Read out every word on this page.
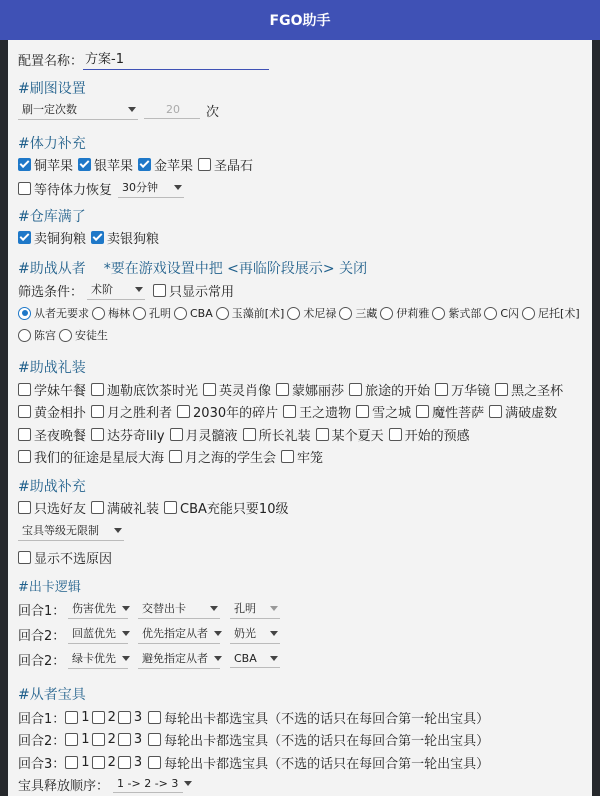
FGO助手
配置名称： 方案-1
#刷图设置
刷一定次数	20	次
#体力补充
铜苹果 银苹果 金苹果 圣晶石
等待体力恢复 30分钟
#仓库满了
卖铜狗粮 卖银狗粮
#助战从者 *要在游戏设置中把 <再临阶段展示> 关闭
筛选条件： 术阶	只显示常用
从者无要求 梅林 孔明 CBA 玉藻前[术] 术尼禄 三藏 伊莉雅 紫式部 C闪 尼托[术]
陈宫 安徒生
#助战礼装
学妹午餐 迦勒底饮茶时光 英灵肖像 蒙娜丽莎 旅途的开始 万华镜 黑之圣杯
黄金相扑 月之胜利者 2030年的碎片 王之遗物 雪之城 魔性菩萨 满破虚数
圣夜晚餐 达芬奇lily 月灵髓液 所长礼装 某个夏天 开始的预感
我们的征途是星辰大海 月之海的学生会 牢笼
#助战补充
只选好友 满破礼装 CBA充能只要10级
宝具等级无限制
显示不选原因
#出卡逻辑
回合1： 伤害优先 交替出卡	孔明
回合2： 回蓝优先 优先指定从者 奶光
回合2： 绿卡优先 避免指定从者 CBA
#从者宝具
回合1： 1 2 3 每轮出卡都选宝具（不选的话只在每回合第一轮出宝具）
回合2： 1 2 3 每轮出卡都选宝具（不选的话只在每回合第一轮出宝具）
回合3： 1 2 3 每轮出卡都选宝具（不选的话只在每回合第一轮出宝具）
宝具释放顺序： 1 -> 2 -> 3
